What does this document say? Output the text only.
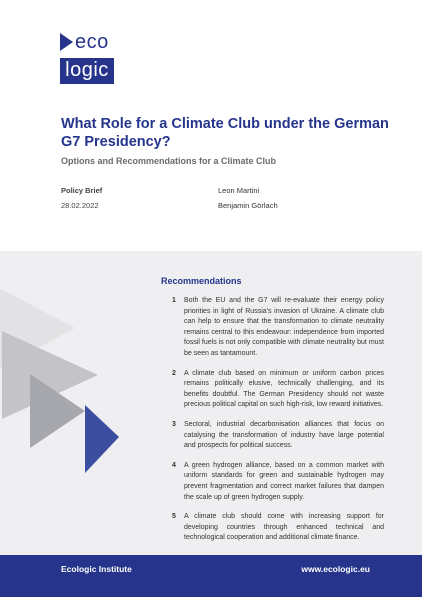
eco
logic
What Role for a Climate Club under the German G7 Presidency?
Options and Recommendations for a Climate Club
Policy Brief
28.02.2022
Leon Martini
Benjamin Görlach
Recommendations
1	Both the EU and the G7 will re-evaluate their energy policy priorities in light of Russia's invasion of Ukraine. A climate club can help to ensure that the transformation to climate neutrality remains central to this endeavour: independence from imported fossil fuels is not only compatible with climate neutrality but must be seen as tantamount.
2	A climate club based on minimum or uniform carbon prices remains politically elusive, technically challenging, and its benefits doubtful. The German Presidency should not waste precious political capital on such high-risk, low reward initiatives.
3	Sectoral, industrial decarbonisation alliances that focus on catalysing the transformation of industry have large potential and prospects for political success.
4	A green hydrogen alliance, based on a common market with uniform standards for green and sustainable hydrogen may prevent fragmentation and correct market failures that dampen the scale up of green hydrogen supply.
5	A climate club should come with increasing support for developing countries through enhanced technical and technological cooperation and additional climate finance.
Ecologic Institute	www.ecologic.eu
